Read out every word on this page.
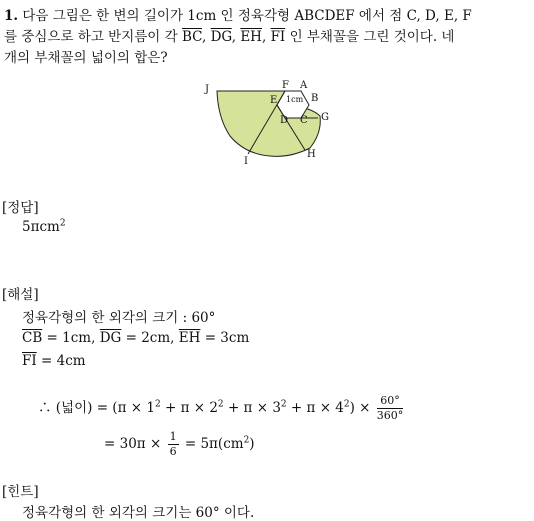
1. 다음 그림은 한 변의 길이가 1cm 인 정육각형 ABCDEF 에서 점 C, D, E, F
를 중심으로 하고 반지름이 각 $\overline{BC}$, $\overline{DG}$, $\overline{EH}$, $\overline{FI}$ 인 부채꼴을 그린 것이다. 네
개의 부채꼴의 넓이의 합은?
J	F A
E 1cm B
G
D C
H
I
[정답]
5πcm$^2$
[해설]
정육각형의 한 외각의 크기 : 60°
$\overline{CB} = 1cm$, $\overline{DG} = 2cm$, $\overline{EH} = 3cm$
$\overline{FI} = 4cm$
∴ (넓이) = $(\pi \times 1^2 + \pi \times 2^2 + \pi \times 3^2 + \pi \times 4^2) \times \frac{60^\circ}{360^\circ}$
= $30\pi \times \frac{1}{6} = 5\pi(cm^2)$
[힌트]
정육각형의 한 외각의 크기는 60° 이다.
